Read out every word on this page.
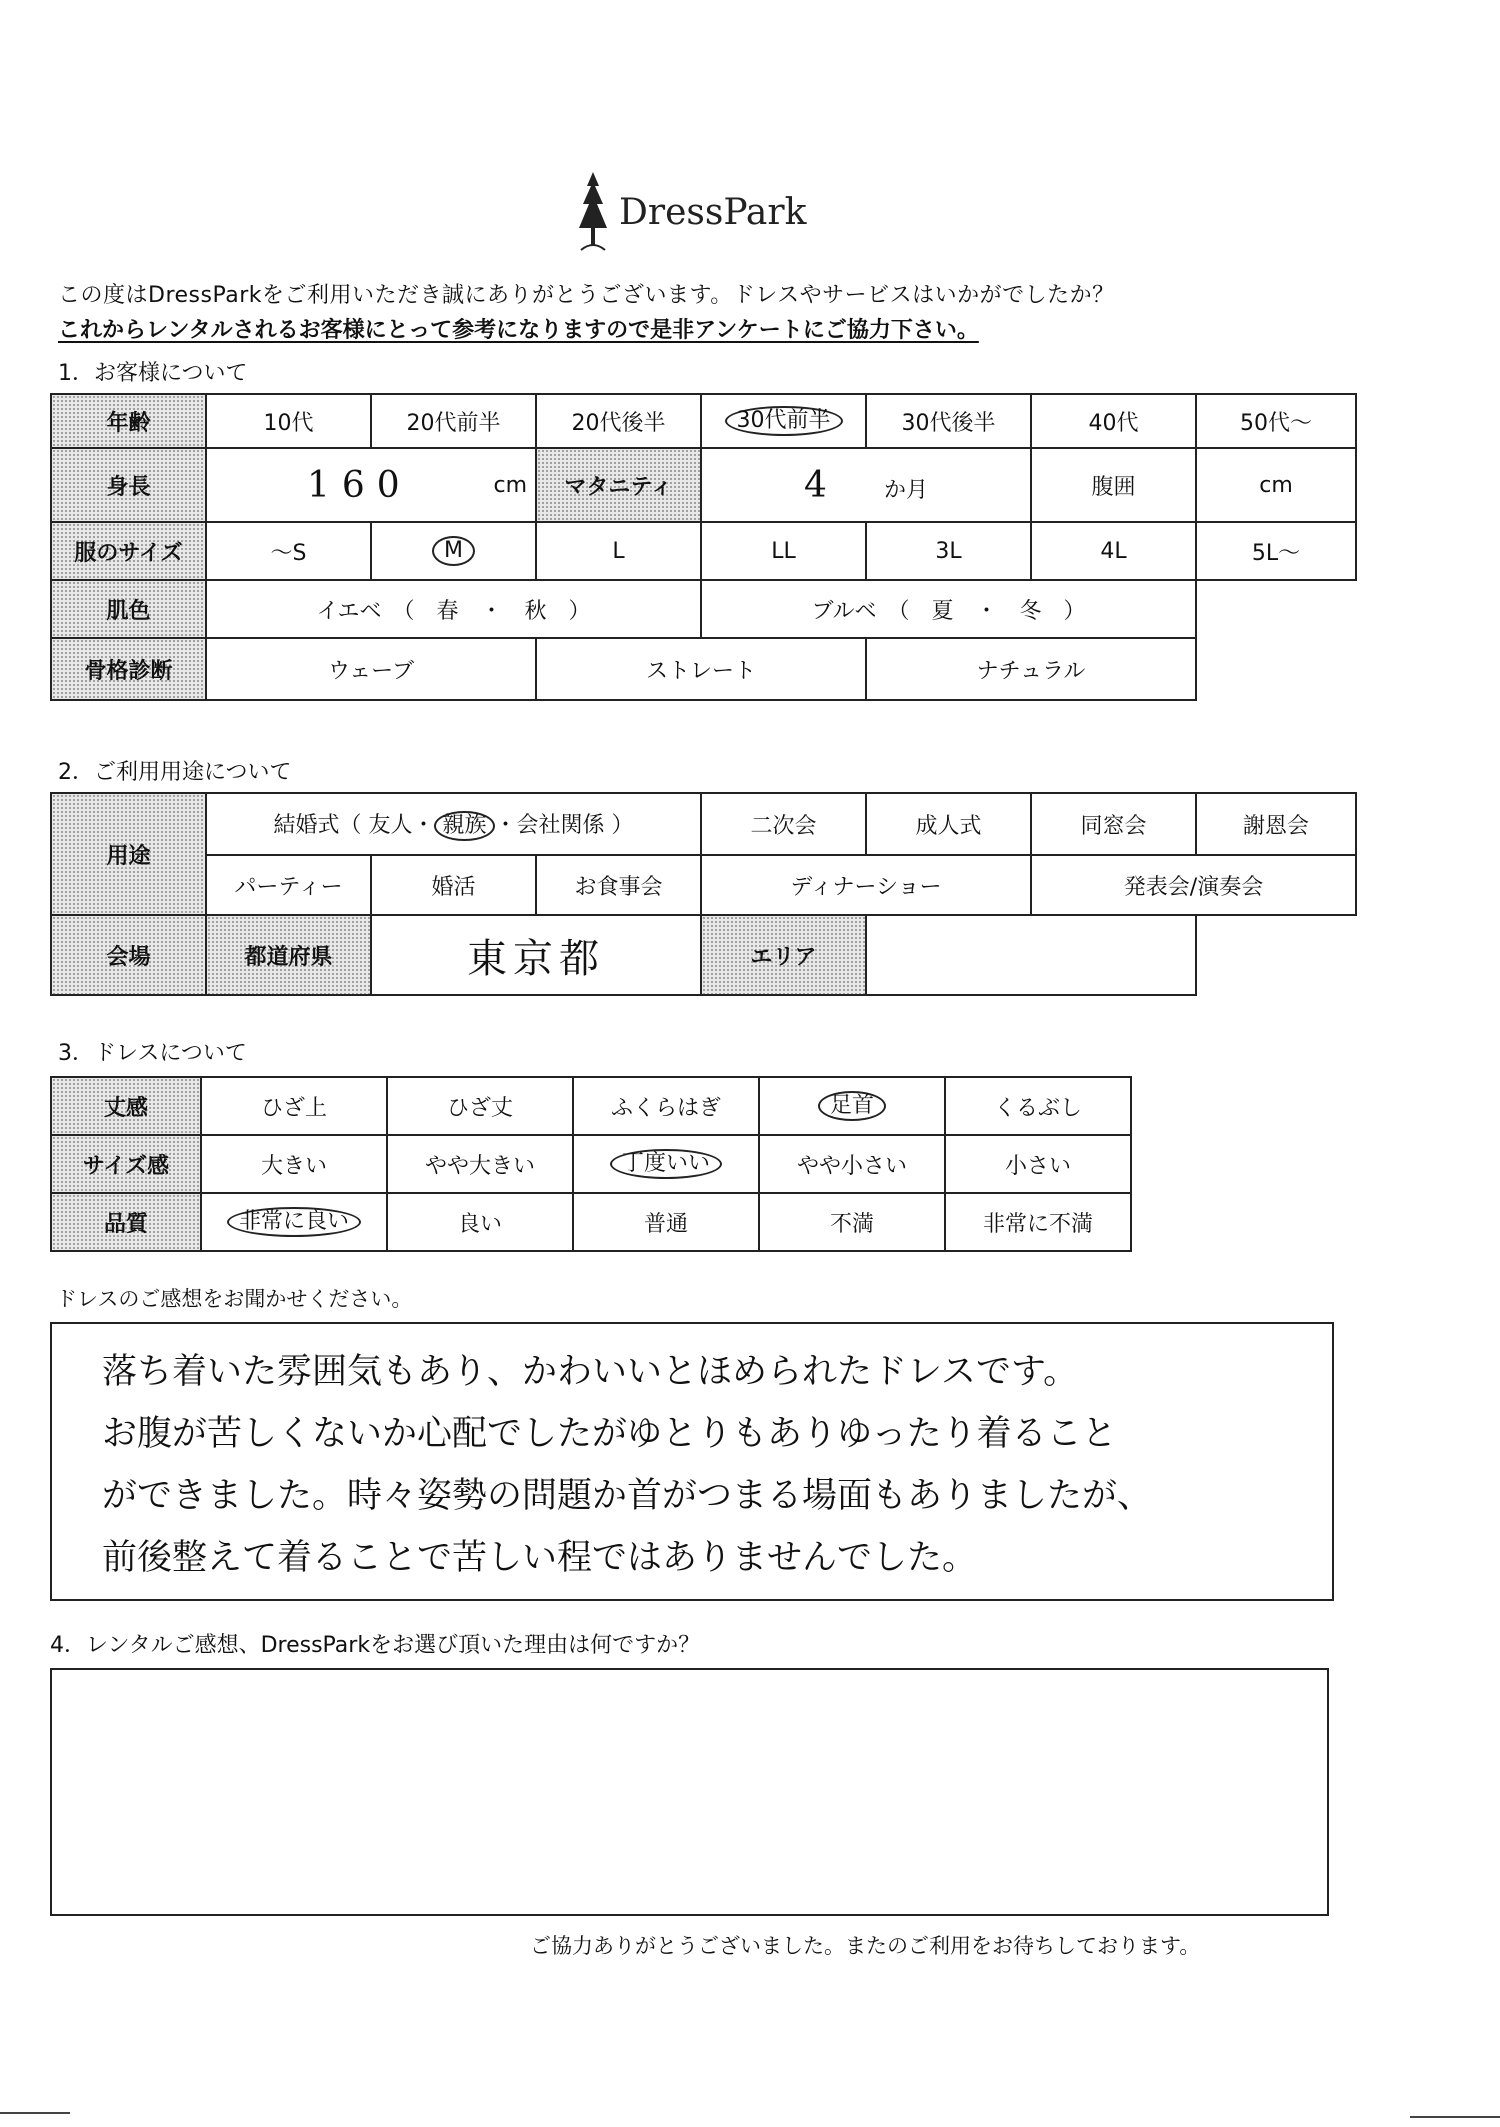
DressPark
この度はDressParkをご利用いただき誠にありがとうございます。ドレスやサービスはいかがでしたか？
これからレンタルされるお客様にとって参考になりますので是非アンケートにご協力下さい。
1．お客様について
年齢	10代	20代前半	20代後半	30代前半	30代後半	40代	50代～
身長	160 cm		マタニティ	4 か月		腹囲	cm
服のサイズ	～S	M	L	LL	3L	4L	5L～
肌色	イエベ　（　春　・　秋　）			ブルベ　（　夏　・　冬　）			
骨格診断	ウェーブ		ストレート		ナチュラル		
2．ご利用用途について
用途	結婚式（ 友人・ 親族 ・会社関係 ）			二次会	成人式	同窓会	謝恩会
	パーティー	婚活	お食事会	ディナーショー		発表会/演奏会	
会場	都道府県	東京都		エリア			
3．ドレスについて
丈感	ひざ上	ひざ丈	ふくらはぎ	足首	くるぶし
サイズ感	大きい	やや大きい	丁度いい	やや小さい	小さい
品質	非常に良い	良い	普通	不満	非常に不満
ドレスのご感想をお聞かせください。
落ち着いた雰囲気もあり、かわいいとほめられたドレスです。
お腹が苦しくないか心配でしたがゆとりもありゆったり着ること
ができました。時々姿勢の問題か首がつまる場面もありましたが、
前後整えて着ることで苦しい程ではありませんでした。
4．レンタルご感想、DressParkをお選び頂いた理由は何ですか？
ご協力ありがとうございました。またのご利用をお待ちしております。
